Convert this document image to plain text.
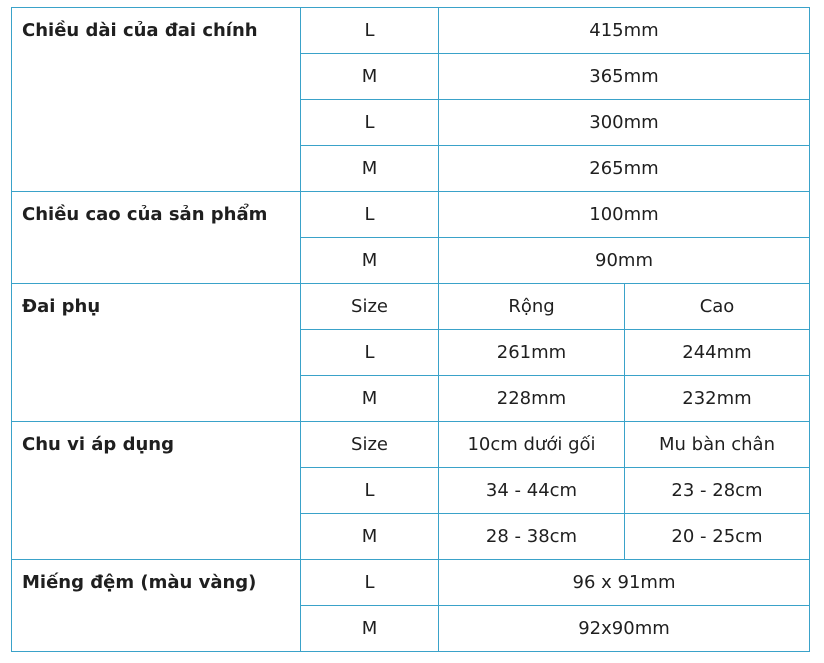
Chiều dài của đai chính	L	415mm	
	M	365mm	
	L	300mm	
	M	265mm	
Chiều cao của sản phẩm	L	100mm	
	M	90mm	
Đai phụ	Size	Rộng	Cao
	L	261mm	244mm
	M	228mm	232mm
Chu vi áp dụng	Size	10cm dưới gối	Mu bàn chân
	L	34 - 44cm	23 - 28cm
	M	28 - 38cm	20 - 25cm
Miếng đệm (màu vàng)	L	96 x 91mm	
	M	92x90mm	
